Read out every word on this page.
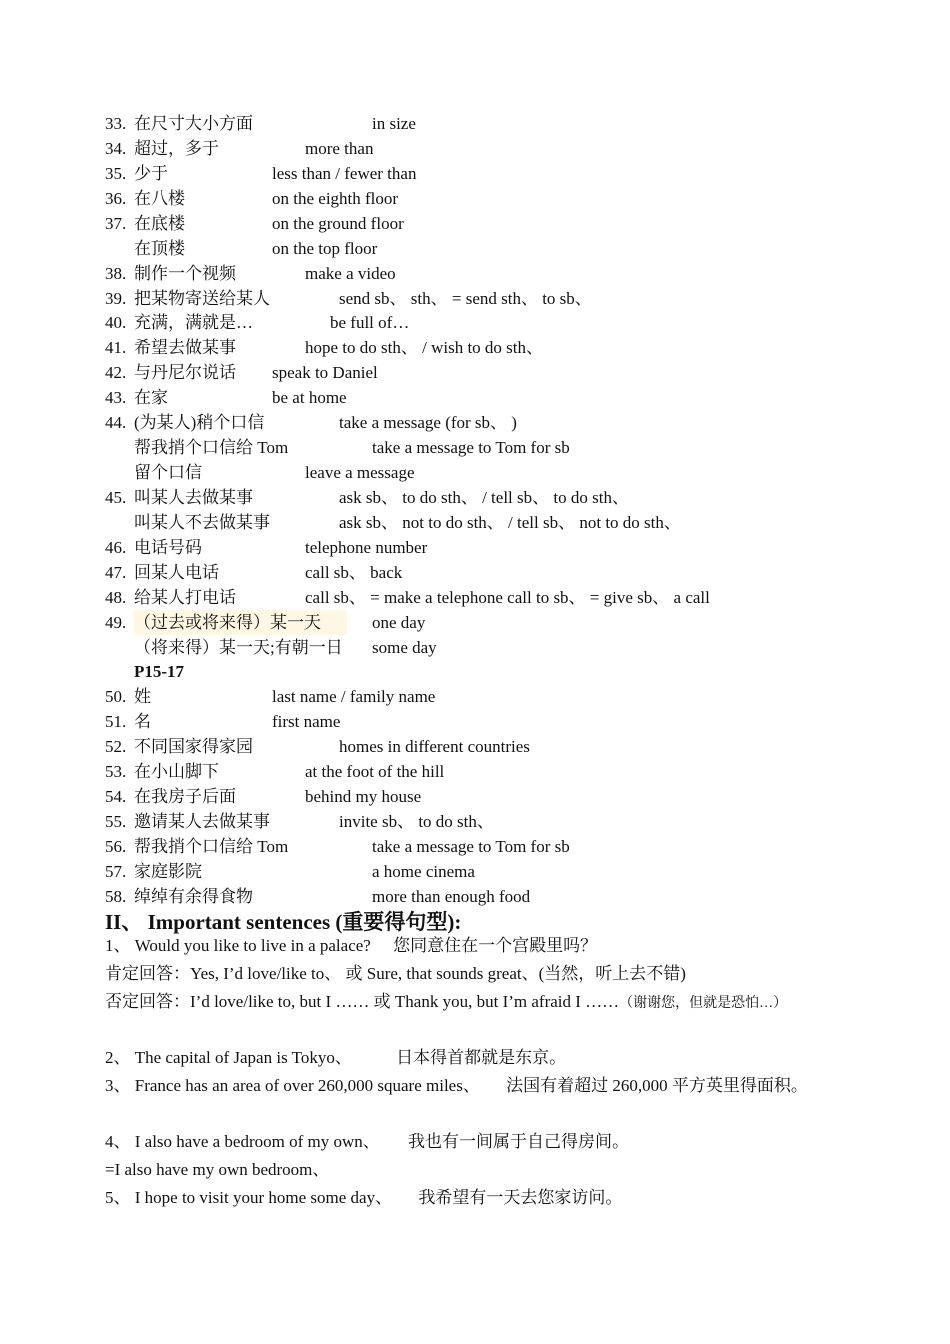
33. 在尺寸大小方面	in size
34. 超过，多于	more than
35. 少于	less than / fewer than
36. 在八楼	on the eighth floor
37. 在底楼	on the ground floor
在顶楼	on the top floor
38. 制作一个视频	make a video
39. 把某物寄送给某人	send sb、 sth、 = send sth、 to sb、
40. 充满，满就是…	be full of…
41. 希望去做某事	hope to do sth、 / wish to do sth、
42. 与丹尼尔说话 speak to Daniel
43. 在家	be at home
44. (为某人)稍个口信	take a message (for sb、 )
帮我捎个口信给 Tom	take a message to Tom for sb
留个口信	leave a message
45. 叫某人去做某事	ask sb、 to do sth、 / tell sb、 to do sth、
叫某人不去做某事	ask sb、 not to do sth、 / tell sb、 not to do sth、
46. 电话号码	telephone number
47. 回某人电话	call sb、 back
48. 给某人打电话	call sb、 = make a telephone call to sb、 = give sb、 a call
49. （过去或将来得）某一天	one day
（将来得）某一天;有朝一日 some day
P15-17
50. 姓	last name / family name
51. 名	first name
52. 不同国家得家园	homes in different countries
53. 在小山脚下	at the foot of the hill
54. 在我房子后面	behind my house
55. 邀请某人去做某事	invite sb、 to do sth、
56. 帮我捎个口信给 Tom	take a message to Tom for sb
57. 家庭影院	a home cinema
58. 绰绰有余得食物	more than enough food
II、 Important sentences (重要得句型):
1、 Would you like to live in a palace? 您同意住在一个宫殿里吗？
肯定回答：Yes, I’d love/like to、 或 Sure, that sounds great、(当然，听上去不错)
否定回答：I’d love/like to, but I …… 或 Thank you, but I’m afraid I ……（谢谢您，但就是恐怕…）
2、 The capital of Japan is Tokyo、	日本得首都就是东京。
3、 France has an area of over 260,000 square miles、 法国有着超过 260,000 平方英里得面积。
4、 I also have a bedroom of my own、 我也有一间属于自己得房间。
=I also have my own bedroom、
5、 I hope to visit your home some day、 我希望有一天去您家访问。
